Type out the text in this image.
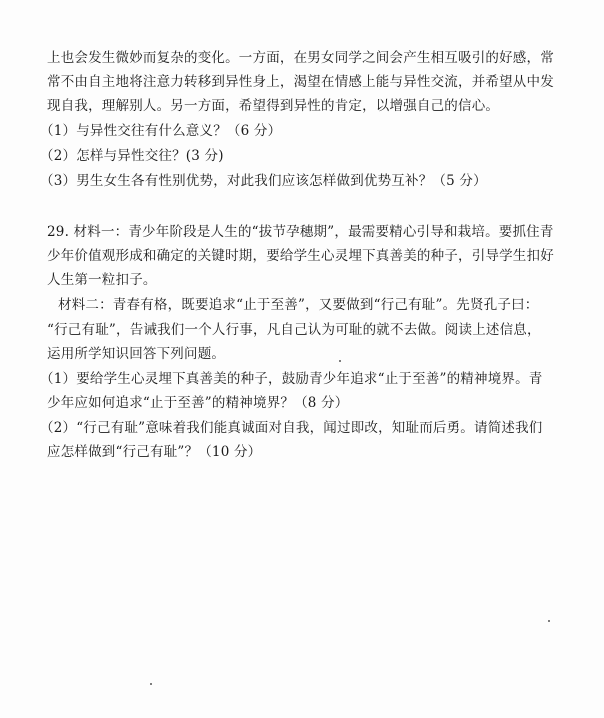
上也会发生微妙而复杂的变化。一方面，在男女同学之间会产生相互吸引的好感，常
常不由自主地将注意力转移到异性身上，渴望在情感上能与异性交流，并希望从中发
现自我，理解别人。另一方面，希望得到异性的肯定，以增强自己的信心。
（1）与异性交往有什么意义？（6 分）
（2）怎样与异性交往？(3 分)
（3）男生女生各有性别优势，对此我们应该怎样做到优势互补？（5 分）
29. 材料一：青少年阶段是人生的“拔节孕穗期”，最需要精心引导和栽培。要抓住青
少年价值观形成和确定的关键时期，要给学生心灵埋下真善美的种子，引导学生扣好
人生第一粒扣子。
材料二：青春有格，既要追求“止于至善”，又要做到“行己有耻”。先贤孔子曰：
“行己有耻”，告诫我们一个人行事，凡自己认为可耻的就不去做。阅读上述信息，
运用所学知识回答下列问题。
（1）要给学生心灵埋下真善美的种子，鼓励青少年追求“止于至善”的精神境界。青
少年应如何追求“止于至善”的精神境界？（8 分）
（2）“行己有耻”意味着我们能真诚面对自我，闻过即改，知耻而后勇。请简述我们
应怎样做到“行己有耻”？（10 分）
